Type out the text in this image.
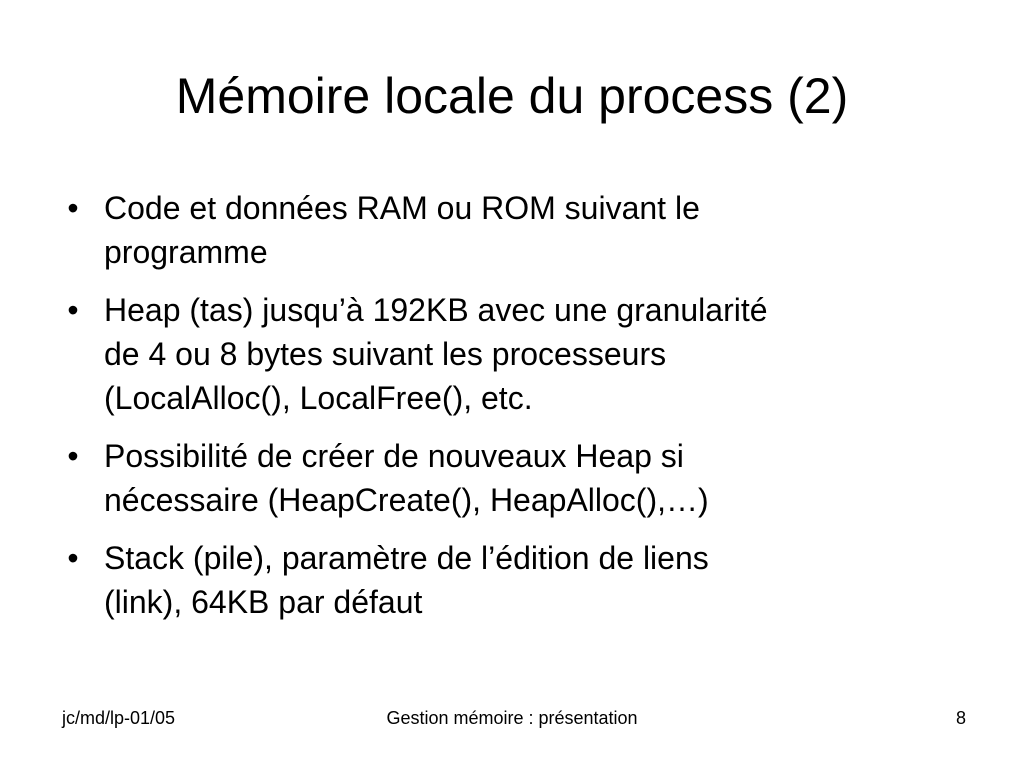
Mémoire locale du process (2)
• Code et données RAM ou ROM suivant le
programme
• Heap (tas) jusqu’à 192KB avec une granularité
de 4 ou 8 bytes suivant les processeurs
(LocalAlloc(), LocalFree(), etc.
• Possibilité de créer de nouveaux Heap si
nécessaire (HeapCreate(), HeapAlloc(),…)
• Stack (pile), paramètre de l’édition de liens
(link), 64KB par défaut
Gestion mémoire : présentation
jc/md/lp-01/05	8
